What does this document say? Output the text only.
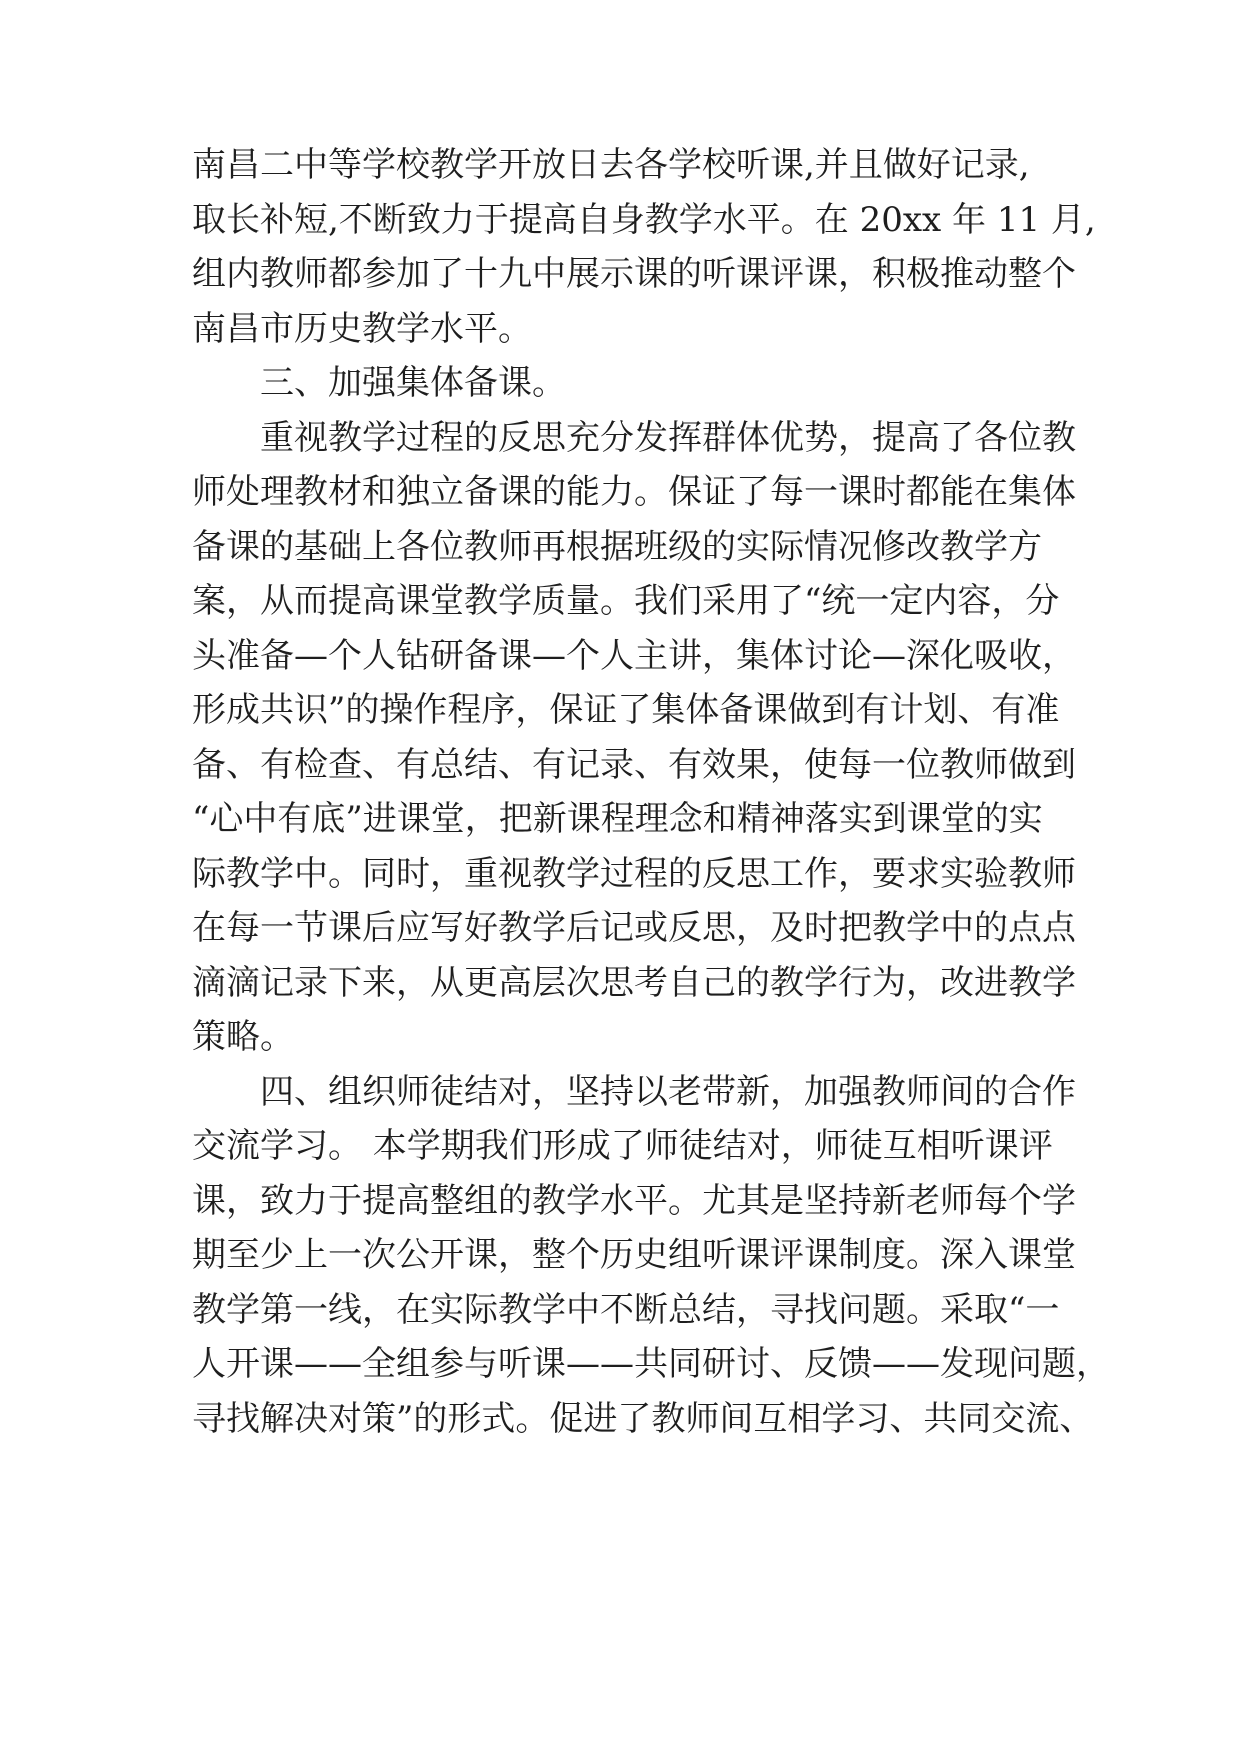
南昌二中等学校教学开放日去各学校听课,并且做好记录,
取长补短,不断致力于提高自身教学水平。在 20xx 年 11 月,
组内教师都参加了十九中展示课的听课评课，积极推动整个
南昌市历史教学水平。
三、加强集体备课。
重视教学过程的反思充分发挥群体优势，提高了各位教
师处理教材和独立备课的能力。保证了每一课时都能在集体
备课的基础上各位教师再根据班级的实际情况修改教学方
案，从而提高课堂教学质量。我们采用了“统一定内容，分
头准备—个人钻研备课—个人主讲，集体讨论—深化吸收，
形成共识”的操作程序，保证了集体备课做到有计划、有准
备、有检查、有总结、有记录、有效果，使每一位教师做到
“心中有底”进课堂，把新课程理念和精神落实到课堂的实
际教学中。同时，重视教学过程的反思工作，要求实验教师
在每一节课后应写好教学后记或反思，及时把教学中的点点
滴滴记录下来，从更高层次思考自己的教学行为，改进教学
策略。
四、组织师徒结对，坚持以老带新，加强教师间的合作
交流学习。 本学期我们形成了师徒结对，师徒互相听课评
课，致力于提高整组的教学水平。尤其是坚持新老师每个学
期至少上一次公开课，整个历史组听课评课制度。深入课堂
教学第一线，在实际教学中不断总结，寻找问题。采取“一
人开课——全组参与听课——共同研讨、反馈——发现问题，
寻找解决对策”的形式。促进了教师间互相学习、共同交流、
